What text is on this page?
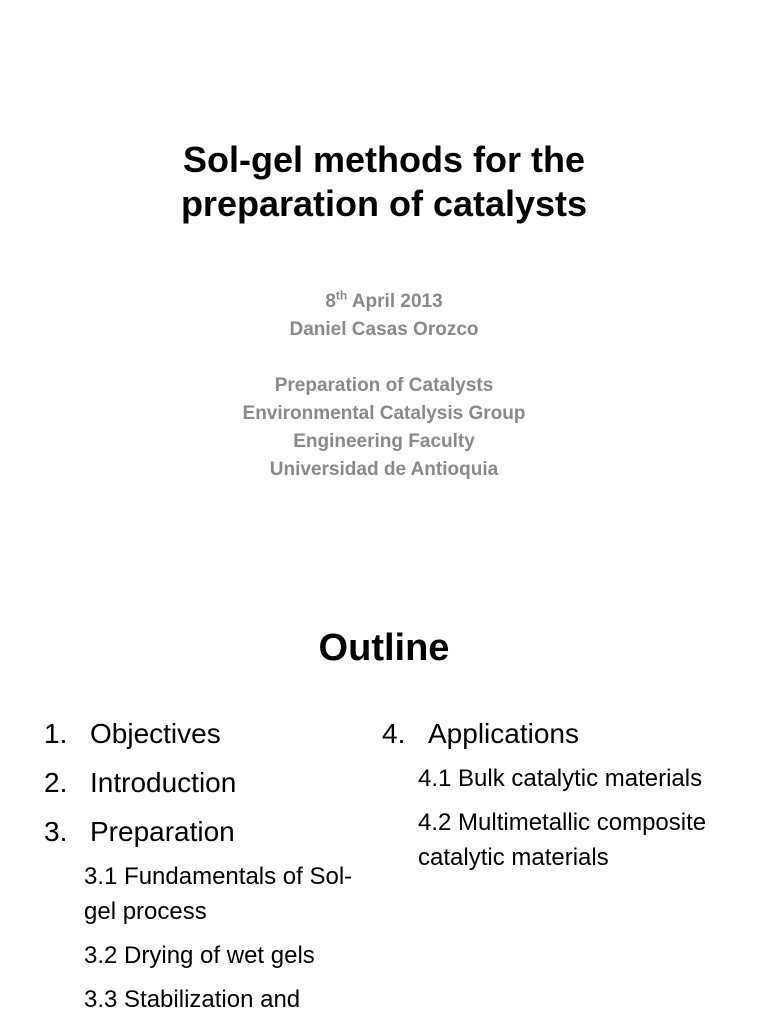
Sol-gel methods for the
preparation of catalysts
8th April 2013
Daniel Casas Orozco
Preparation of Catalysts
Environmental Catalysis Group
Engineering Faculty
Universidad de Antioquia
Outline
1. Objectives
2. Introduction
3. Preparation
3.1 Fundamentals of Sol-gel process
3.2 Drying of wet gels
3.3 Stabilization and
4. Applications
4.1 Bulk catalytic materials
4.2 Multimetallic composite catalytic materials
